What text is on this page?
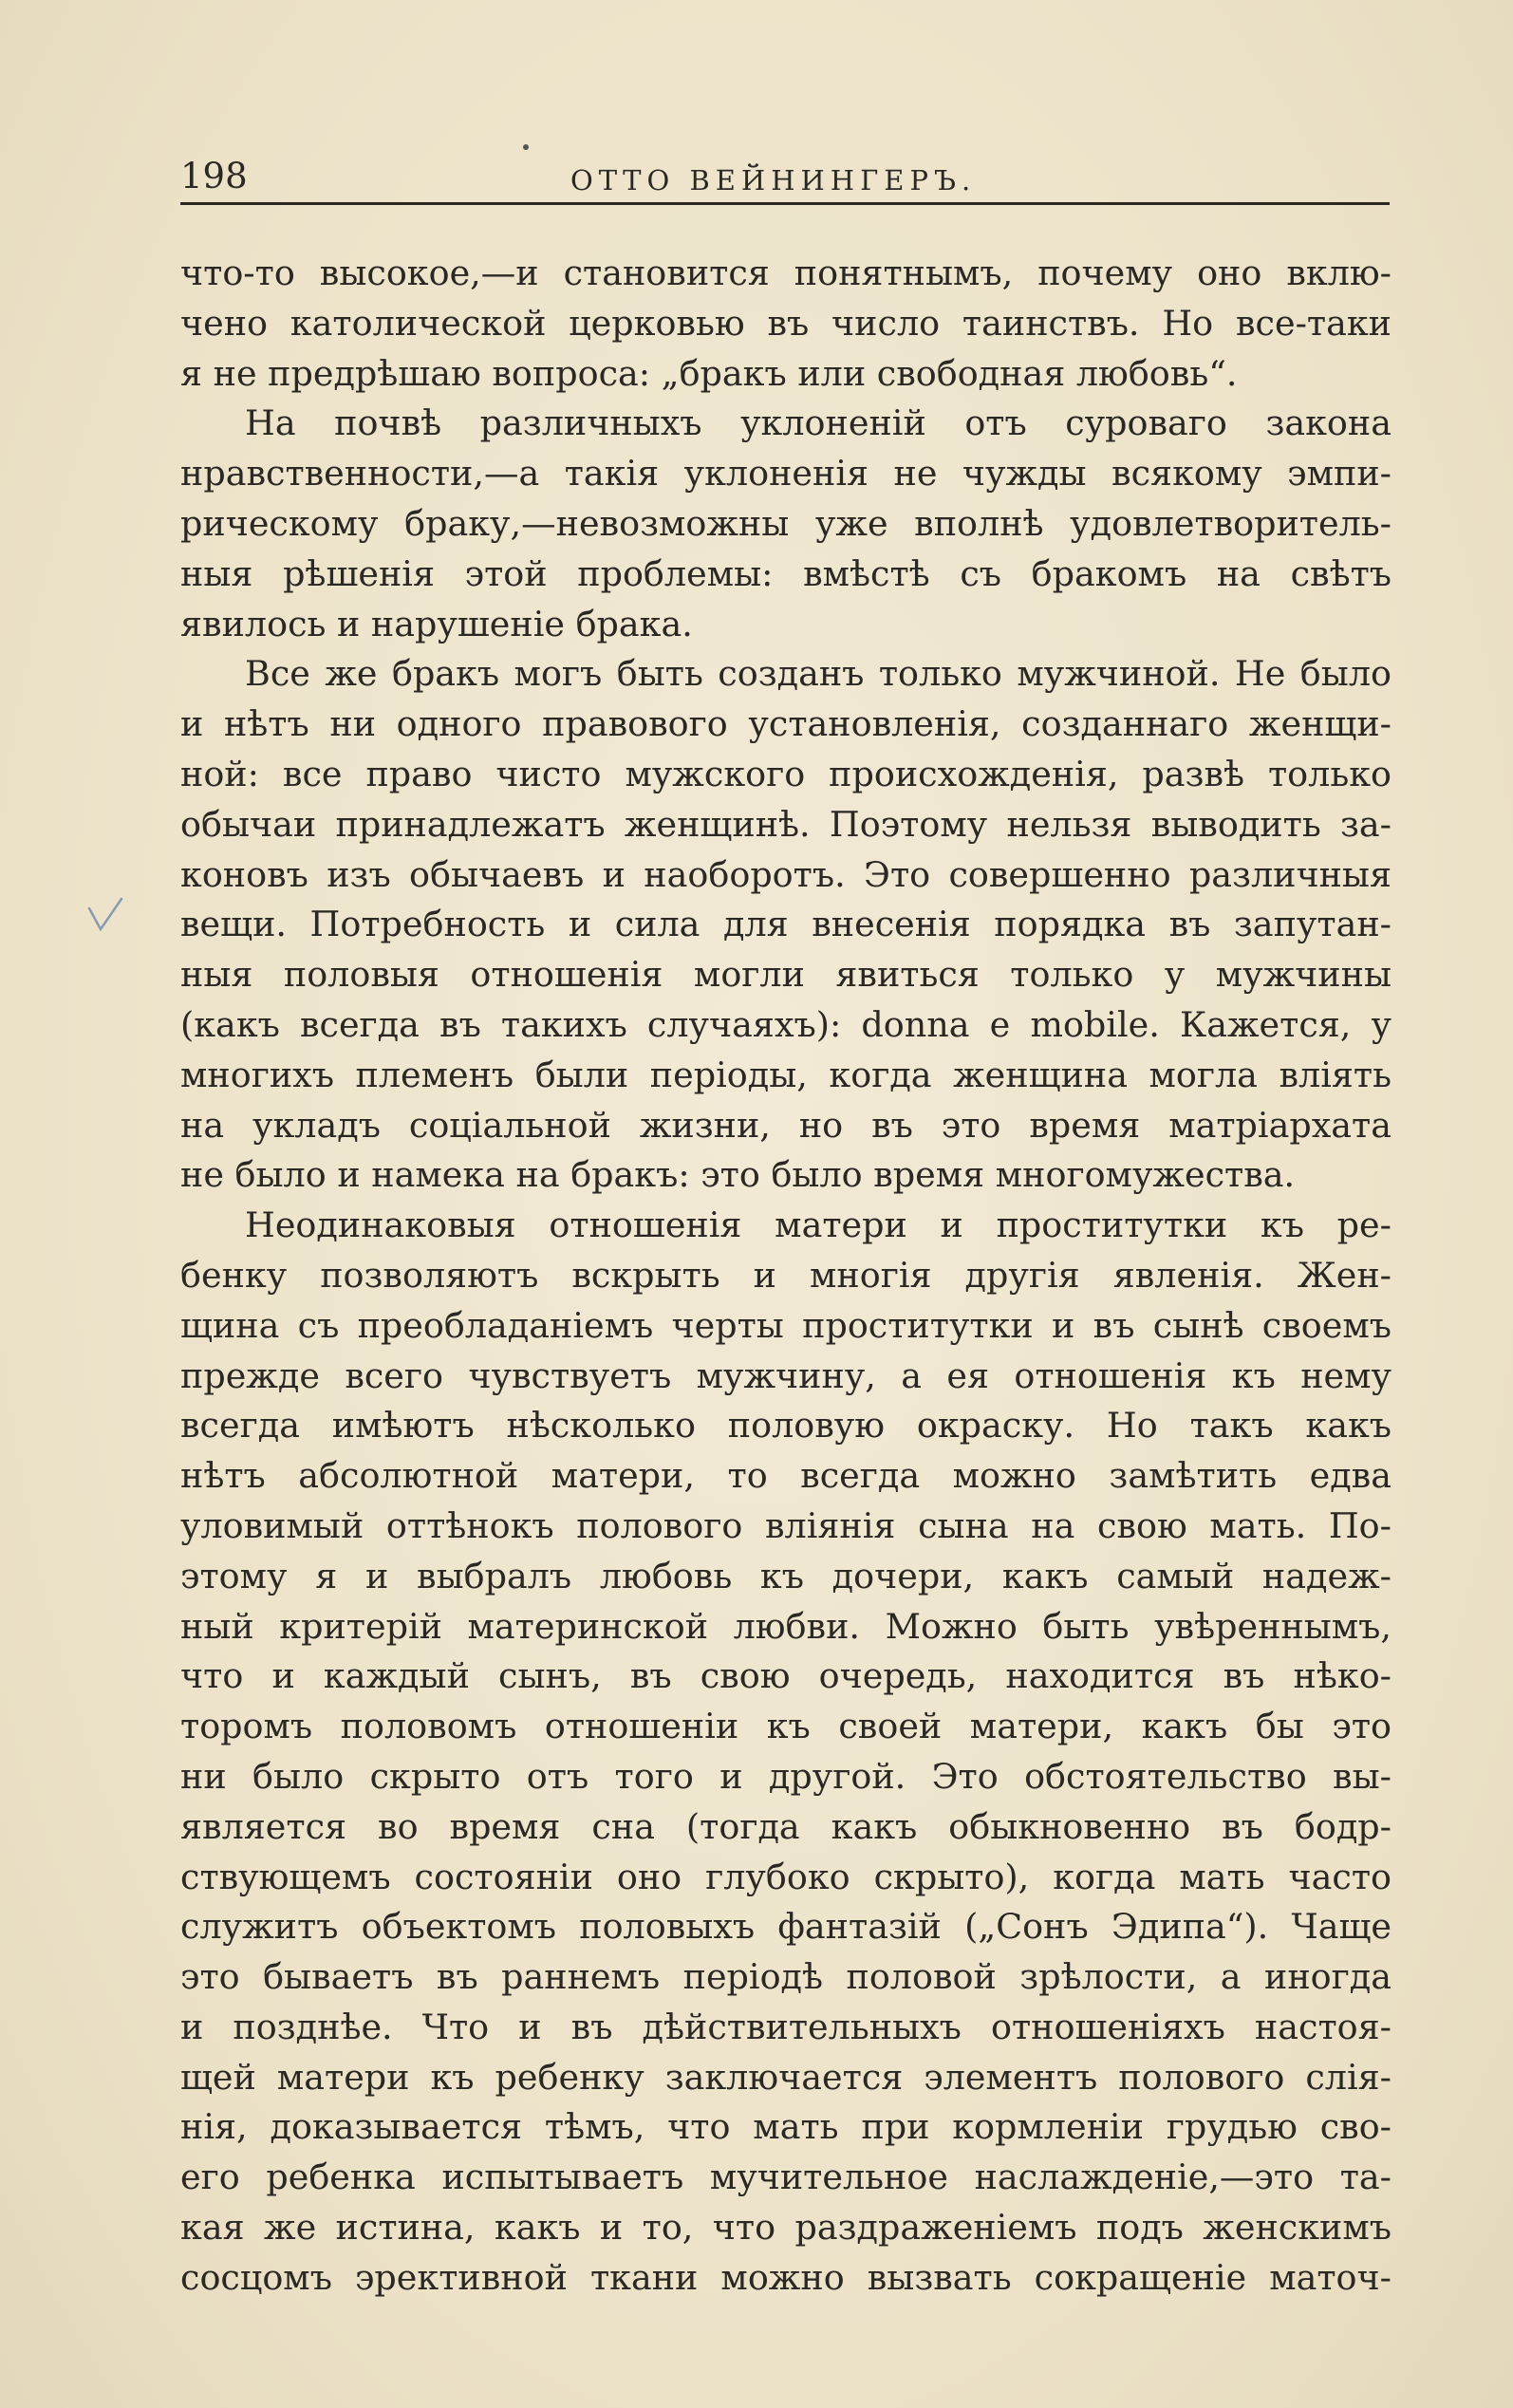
198	ОТТО ВЕЙНИНГЕРЪ.
что-то высокое,—и становится понятнымъ, почему оно вклю-
чено католической церковью въ число таинствъ. Но все-таки
я не предрѣшаю вопроса: „бракъ или свободная любовь“.
На почвѣ различныхъ уклоненій отъ суроваго закона
нравственности,—а такія уклоненія не чужды всякому эмпи-
рическому браку,—невозможны уже вполнѣ удовлетворитель-
ныя рѣшенія этой проблемы: вмѣстѣ съ бракомъ на свѣтъ
явилось и нарушеніе брака.
Все же бракъ могъ быть созданъ только мужчиной. Не было
и нѣтъ ни одного правового установленія, созданнаго женщи-
ной: все право чисто мужского происхожденія, развѣ только
обычаи принадлежатъ женщинѣ. Поэтому нельзя выводить за-
коновъ изъ обычаевъ и наоборотъ. Это совершенно различныя
вещи. Потребность и сила для внесенія порядка въ запутан-
ныя половыя отношенія могли явиться только у мужчины
(какъ всегда въ такихъ случаяхъ): donna e mobile. Кажется, у
многихъ племенъ были періоды, когда женщина могла вліять
на укладъ соціальной жизни, но въ это время матріархата
не было и намека на бракъ: это было время многомужества.
Неодинаковыя отношенія матери и проститутки къ ре-
бенку позволяютъ вскрыть и многія другія явленія. Жен-
щина съ преобладаніемъ черты проститутки и въ сынѣ своемъ
прежде всего чувствуетъ мужчину, а ея отношенія къ нему
всегда имѣютъ нѣсколько половую окраску. Но такъ какъ
нѣтъ абсолютной матери, то всегда можно замѣтить едва
уловимый оттѣнокъ полового вліянія сына на свою мать. По-
этому я и выбралъ любовь къ дочери, какъ самый надеж-
ный критерій материнской любви. Можно быть увѣреннымъ,
что и каждый сынъ, въ свою очередь, находится въ нѣко-
торомъ половомъ отношеніи къ своей матери, какъ бы это
ни было скрыто отъ того и другой. Это обстоятельство вы-
является во время сна (тогда какъ обыкновенно въ бодр-
ствующемъ состояніи оно глубоко скрыто), когда мать часто
служитъ объектомъ половыхъ фантазій („Сонъ Эдипа“). Чаще
это бываетъ въ раннемъ періодѣ половой зрѣлости, а иногда
и позднѣе. Что и въ дѣйствительныхъ отношеніяхъ настоя-
щей матери къ ребенку заключается элементъ полового слія-
нія, доказывается тѣмъ, что мать при кормленіи грудью сво-
его ребенка испытываетъ мучительное наслажденіе,—это та-
кая же истина, какъ и то, что раздраженіемъ подъ женскимъ
сосцомъ эрективной ткани можно вызвать сокращеніе маточ-
